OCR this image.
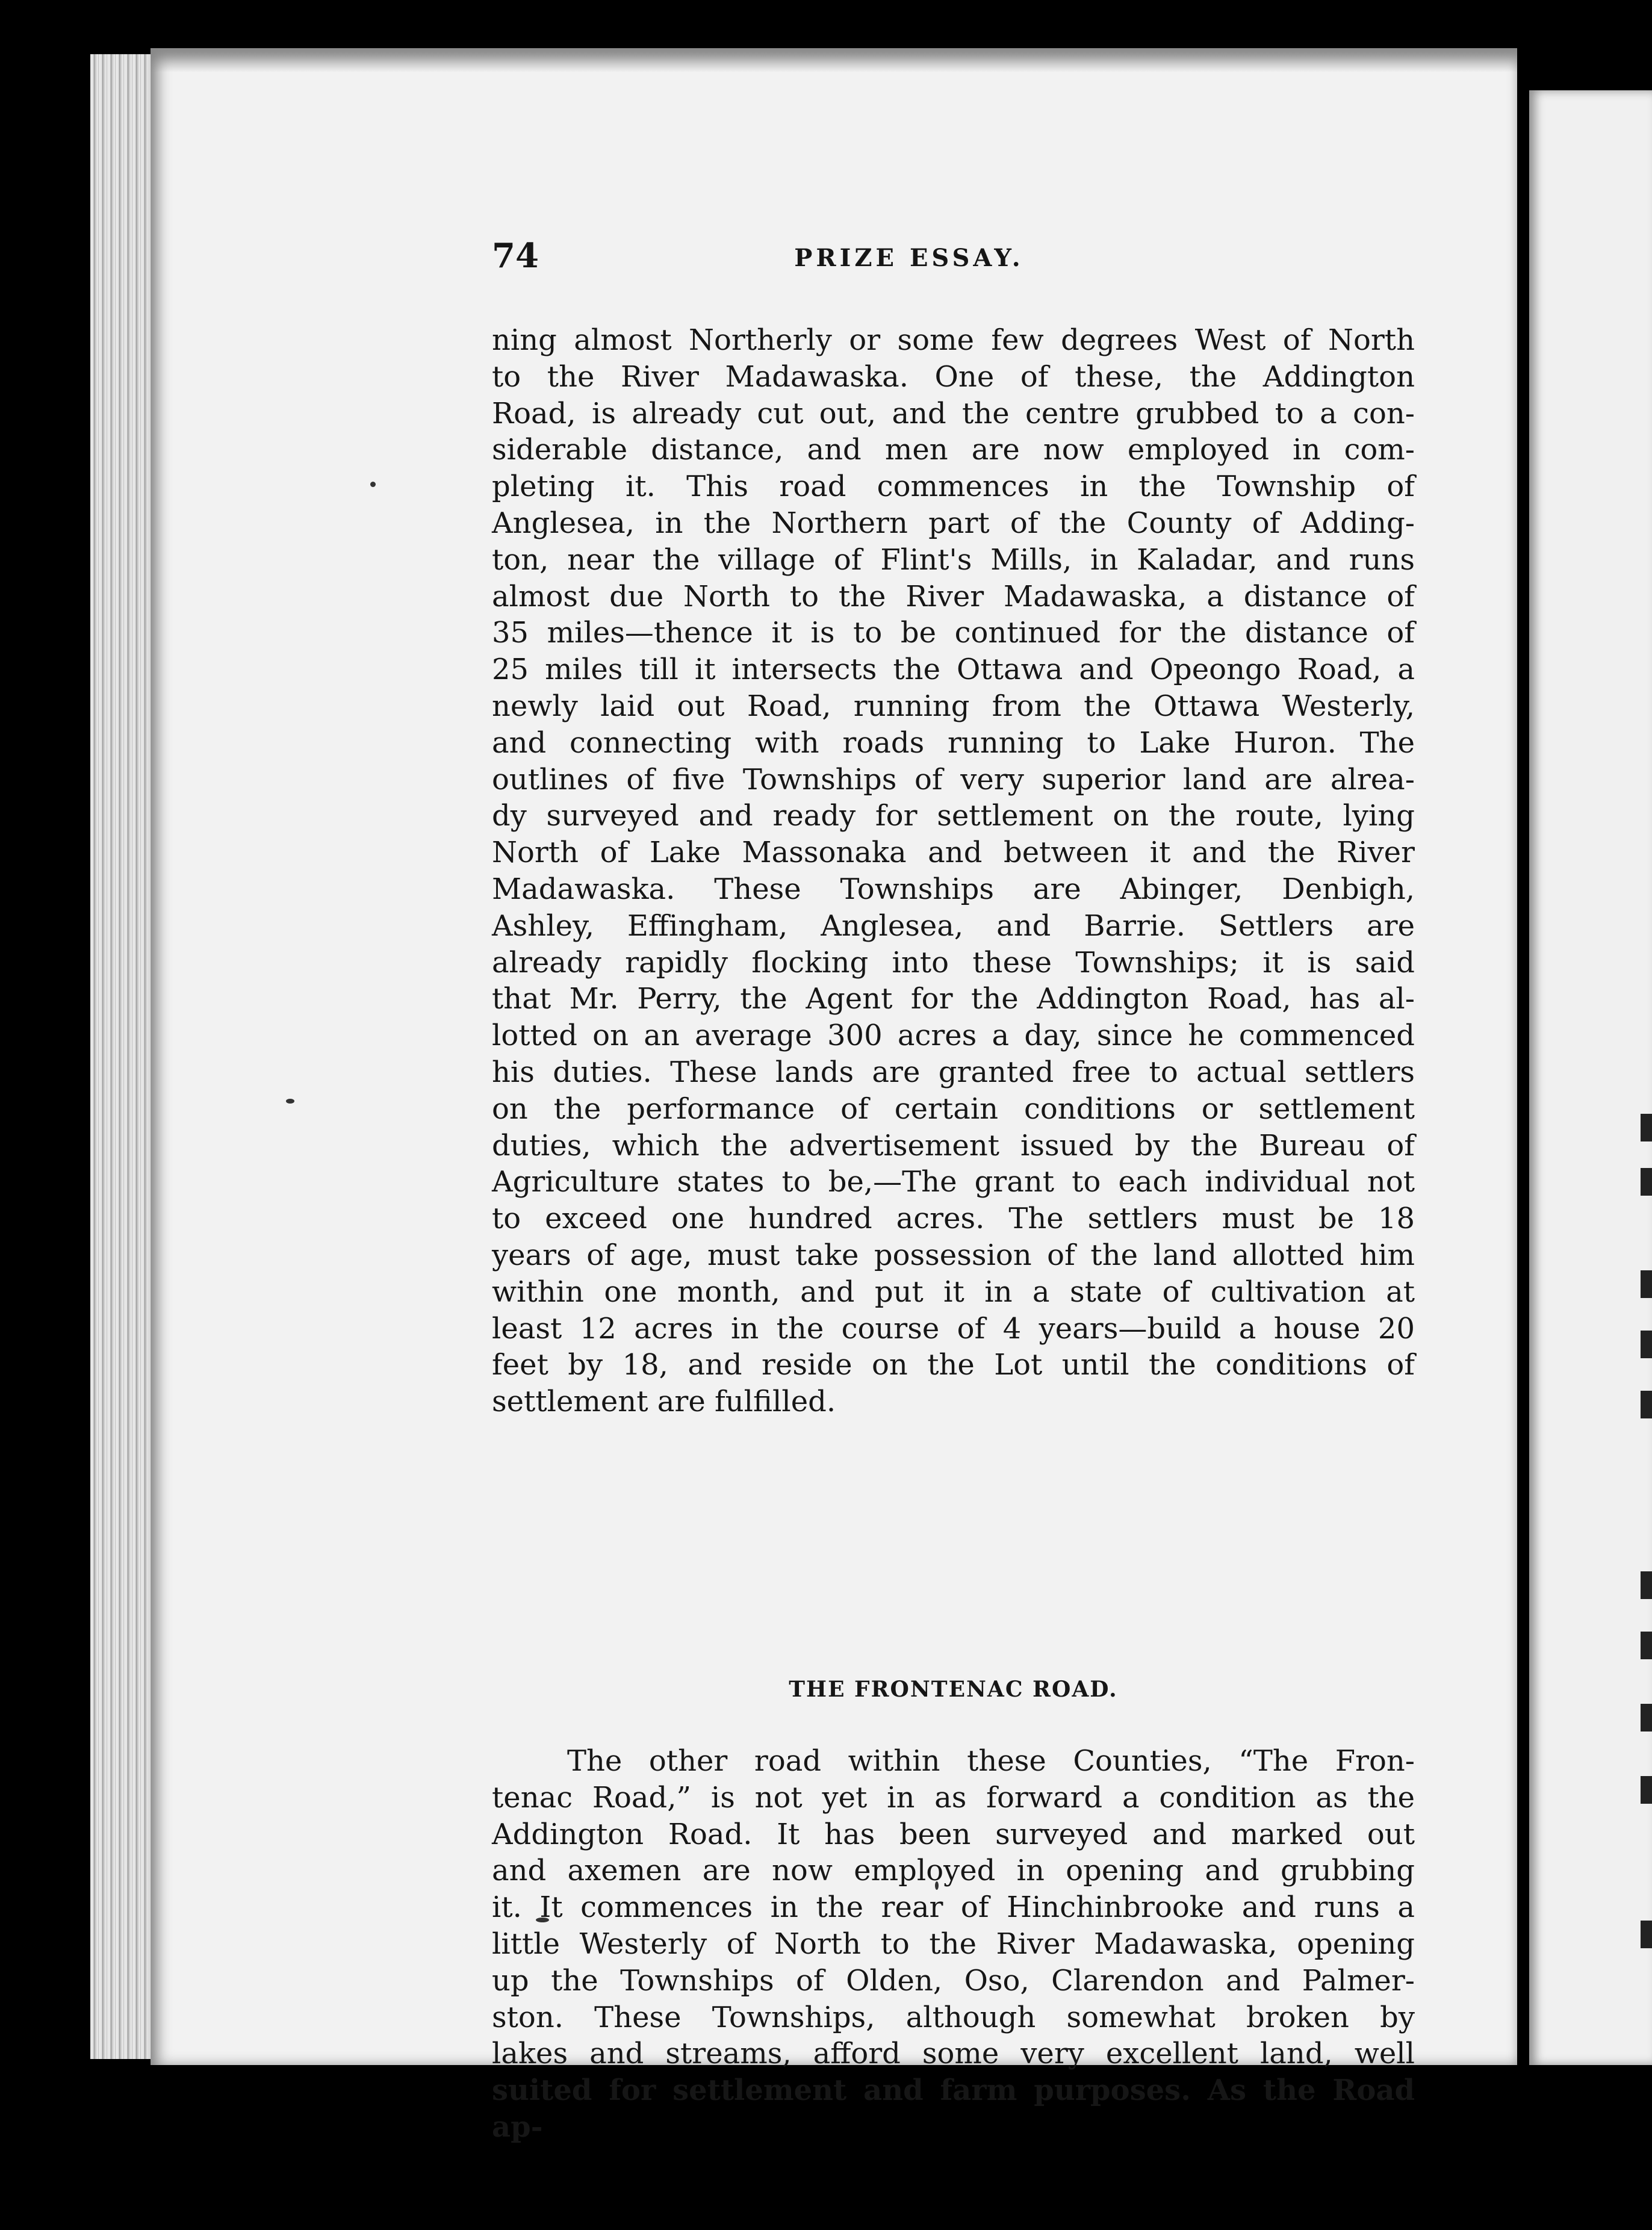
74	PRIZE ESSAY.

ning almost Northerly or some few degrees West of North

to the River Madawaska. One of these, the Addington

Road, is already cut out, and the centre grubbed to a con-

siderable distance, and men are now employed in com-

pleting it. This road commences in the Township of

Anglesea, in the Northern part of the County of Adding-

ton, near the village of Flint's Mills, in Kaladar, and runs

almost due North to the River Madawaska, a distance of

35 miles—thence it is to be continued for the distance of

25 miles till it intersects the Ottawa and Opeongo Road, a

newly laid out Road, running from the Ottawa Westerly,

and connecting with roads running to Lake Huron. The

outlines of five Townships of very superior land are alrea-

dy surveyed and ready for settlement on the route, lying

North of Lake Massonaka and between it and the River

Madawaska. These Townships are Abinger, Denbigh,

Ashley, Effingham, Anglesea, and Barrie. Settlers are

already rapidly flocking into these Townships; it is said

that Mr. Perry, the Agent for the Addington Road, has al-

lotted on an average 300 acres a day, since he commenced

his duties. These lands are granted free to actual settlers

on the performance of certain conditions or settlement

duties, which the advertisement issued by the Bureau of

Agriculture states to be,—The grant to each individual not

to exceed one hundred acres. The settlers must be 18

years of age, must take possession of the land allotted him

within one month, and put it in a state of cultivation at

least 12 acres in the course of 4 years—build a house 20

feet by 18, and reside on the Lot until the conditions of

settlement are fulfilled.

THE FRONTENAC ROAD.

The other road within these Counties, “The Fron-

tenac Road,” is not yet in as forward a condition as the

Addington Road. It has been surveyed and marked out

and axemen are now employed in opening and grubbing

it. It commences in the rear of Hinchinbrooke and runs a

little Westerly of North to the River Madawaska, opening

up the Townships of Olden, Oso, Clarendon and Palmer-

ston. These Townships, although somewhat broken by

lakes and streams, afford some very excellent land, well

suited for settlement and farm purposes. As the Road ap-
